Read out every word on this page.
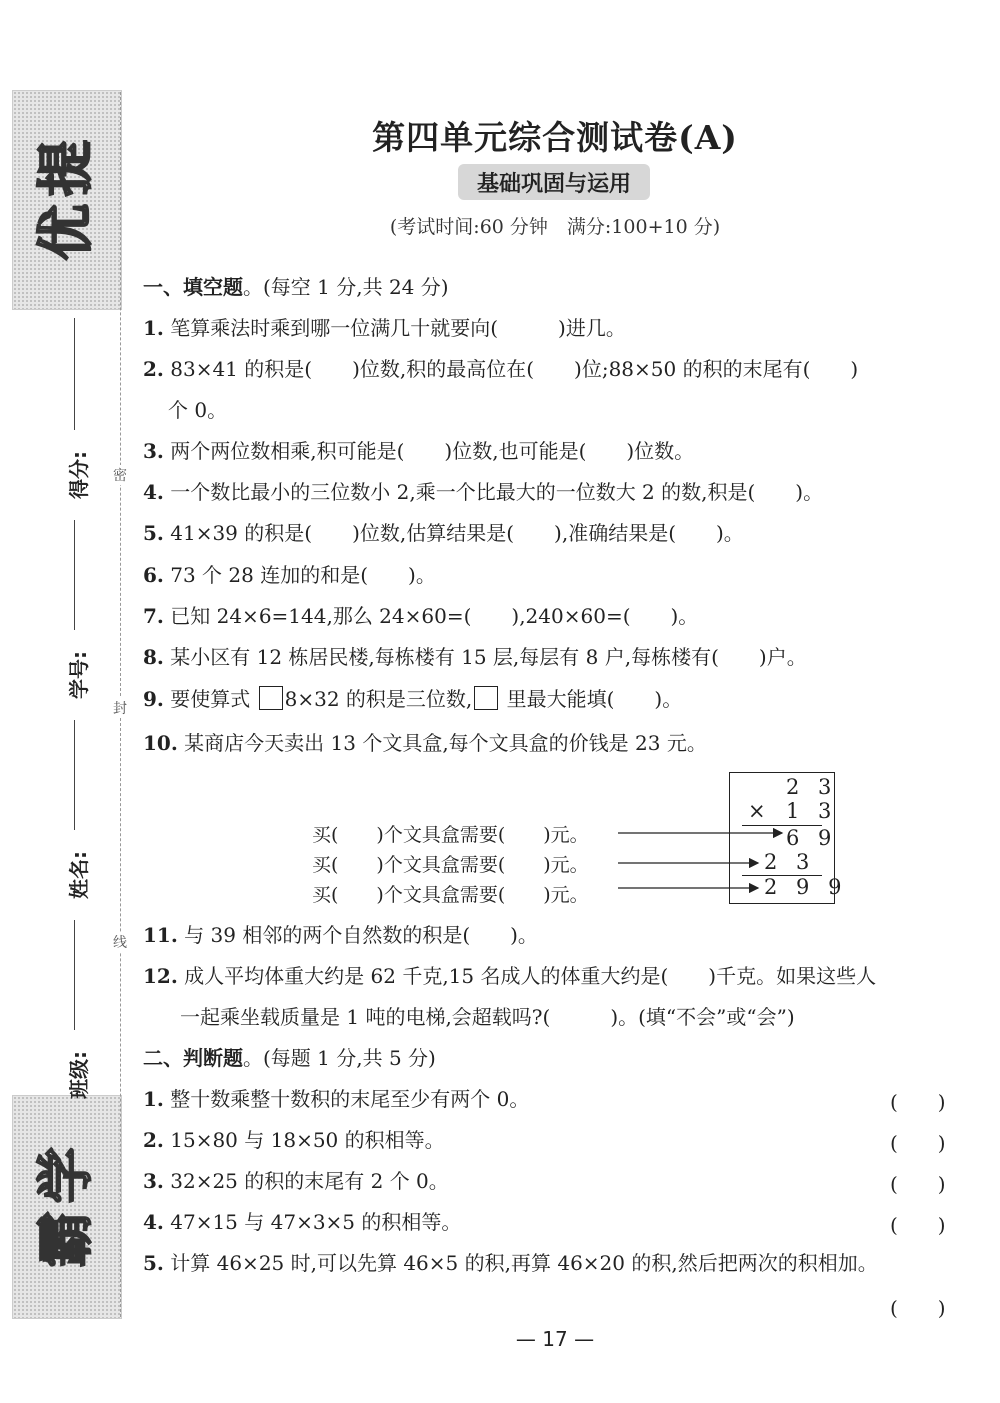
提
优
学
霸
得分:
学号:
姓名:
班级:
密
封
线
第四单元综合测试卷(A)
基础巩固与运用
(考试时间:60 分钟　满分:100+10 分)
一、填空题。(每空 1 分,共 24 分)
1. 笔算乘法时乘到哪一位满几十就要向(　　　)进几。
2. 83×41 的积是(　　)位数,积的最高位在(　　)位;88×50 的积的末尾有(　　)
个 0。
3. 两个两位数相乘,积可能是(　　)位数,也可能是(　　)位数。
4. 一个数比最小的三位数小 2,乘一个比最大的一位数大 2 的数,积是(　　)。
5. 41×39 的积是(　　)位数,估算结果是(　　),准确结果是(　　)。
6. 73 个 28 连加的和是(　　)。
7. 已知 24×6=144,那么 24×60=(　　),240×60=(　　)。
8. 某小区有 12 栋居民楼,每栋楼有 15 层,每层有 8 户,每栋楼有(　　)户。
9. 要使算式 8×32 的积是三位数, 里最大能填(　　)。
10. 某商店今天卖出 13 个文具盒,每个文具盒的价钱是 23 元。
买(　　)个文具盒需要(　　)元。
买(　　)个文具盒需要(　　)元。
买(　　)个文具盒需要(　　)元。
2 3
× 1 3
6 9
2 3
2 9 9
11. 与 39 相邻的两个自然数的积是(　　)。
12. 成人平均体重大约是 62 千克,15 名成人的体重大约是(　　)千克。如果这些人
一起乘坐载质量是 1 吨的电梯,会超载吗?(　　　)。(填“不会”或“会”)
二、判断题。(每题 1 分,共 5 分)
1. 整十数乘整十数积的末尾至少有两个 0。	(　　)
2. 15×80 与 18×50 的积相等。	(　　)
3. 32×25 的积的末尾有 2 个 0。	(　　)
4. 47×15 与 47×3×5 的积相等。	(　　)
5. 计算 46×25 时,可以先算 46×5 的积,再算 46×20 的积,然后把两次的积相加。
(　　)
— 17 —
